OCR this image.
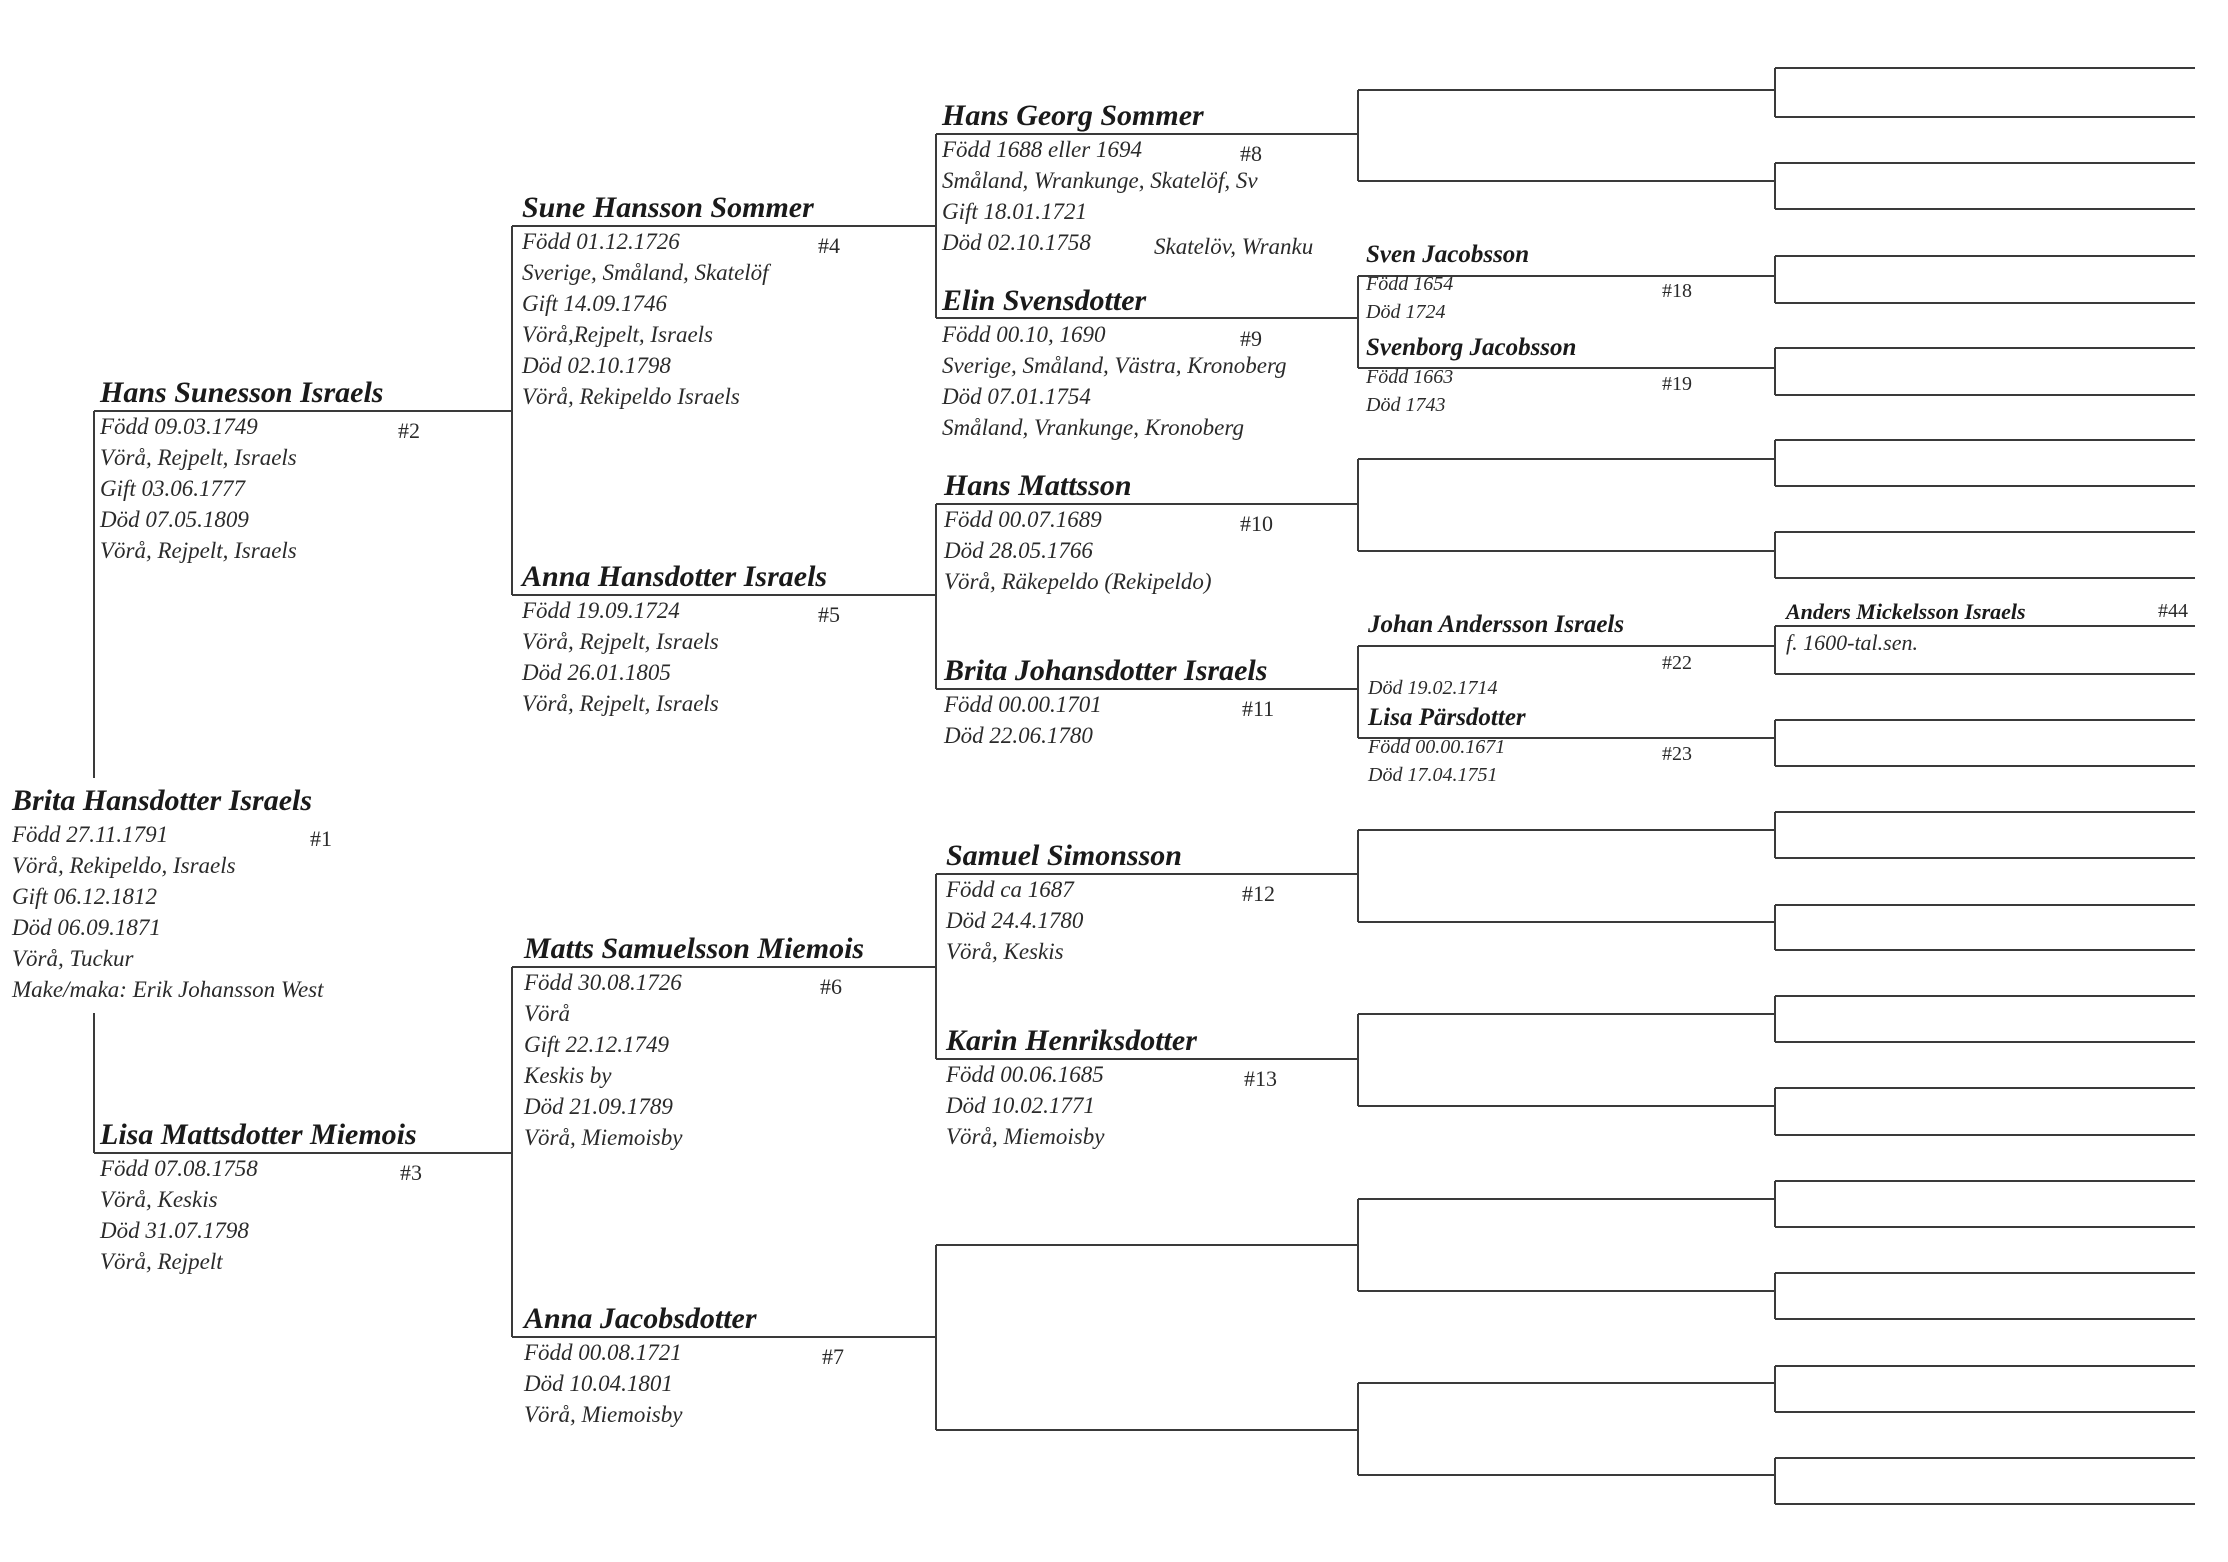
Brita Hansdotter Israels
Född 27.11.1791
Vörå, Rekipeldo, Israels
Gift 06.12.1812
Död 06.09.1871
Vörå, Tuckur
Make/maka: Erik Johansson West
#1
Hans Sunesson Israels
Född 09.03.1749
Vörå, Rejpelt, Israels
Gift 03.06.1777
Död 07.05.1809
Vörå, Rejpelt, Israels
#2
Lisa Mattsdotter Miemois
Född 07.08.1758
Vörå, Keskis
Död 31.07.1798
Vörå, Rejpelt
#3
Sune Hansson Sommer
Född 01.12.1726
Sverige, Småland, Skatelöf
Gift 14.09.1746
Vörå,Rejpelt, Israels
Död 02.10.1798
Vörå, Rekipeldo Israels
#4
Anna Hansdotter Israels
Född 19.09.1724
Vörå, Rejpelt, Israels
Död 26.01.1805
Vörå, Rejpelt, Israels
#5
Matts Samuelsson Miemois
Född 30.08.1726
Vörå
Gift 22.12.1749
Keskis by
Död 21.09.1789
Vörå, Miemoisby
#6
Anna Jacobsdotter
Född 00.08.1721
Död 10.04.1801
Vörå, Miemoisby
#7
Hans Georg Sommer
Född 1688 eller 1694
Småland, Wrankunge, Skatelöf, Sv
Gift 18.01.1721
Död 02.10.1758
#8
Skatelöv, Wranku
Elin Svensdotter
Född 00.10, 1690
Sverige, Småland, Västra, Kronoberg
Död 07.01.1754
Småland, Vrankunge, Kronoberg
#9
Hans Mattsson
Född 00.07.1689
Död 28.05.1766
Vörå, Räkepeldo (Rekipeldo)
#10
Brita Johansdotter Israels
Född 00.00.1701
Död 22.06.1780
#11
Samuel Simonsson
Född ca 1687
Död 24.4.1780
Vörå, Keskis
#12
Karin Henriksdotter
Född 00.06.1685
Död 10.02.1771
Vörå, Miemoisby
#13
Sven Jacobsson
Född 1654
Död 1724
#18
Svenborg Jacobsson
Född 1663
Död 1743
#19
Johan Andersson Israels
#22
Död 19.02.1714
Lisa Pärsdotter
Född 00.00.1671
Död 17.04.1751
#23
Anders Mickelsson Israels
f. 1600-tal.sen.
#44
